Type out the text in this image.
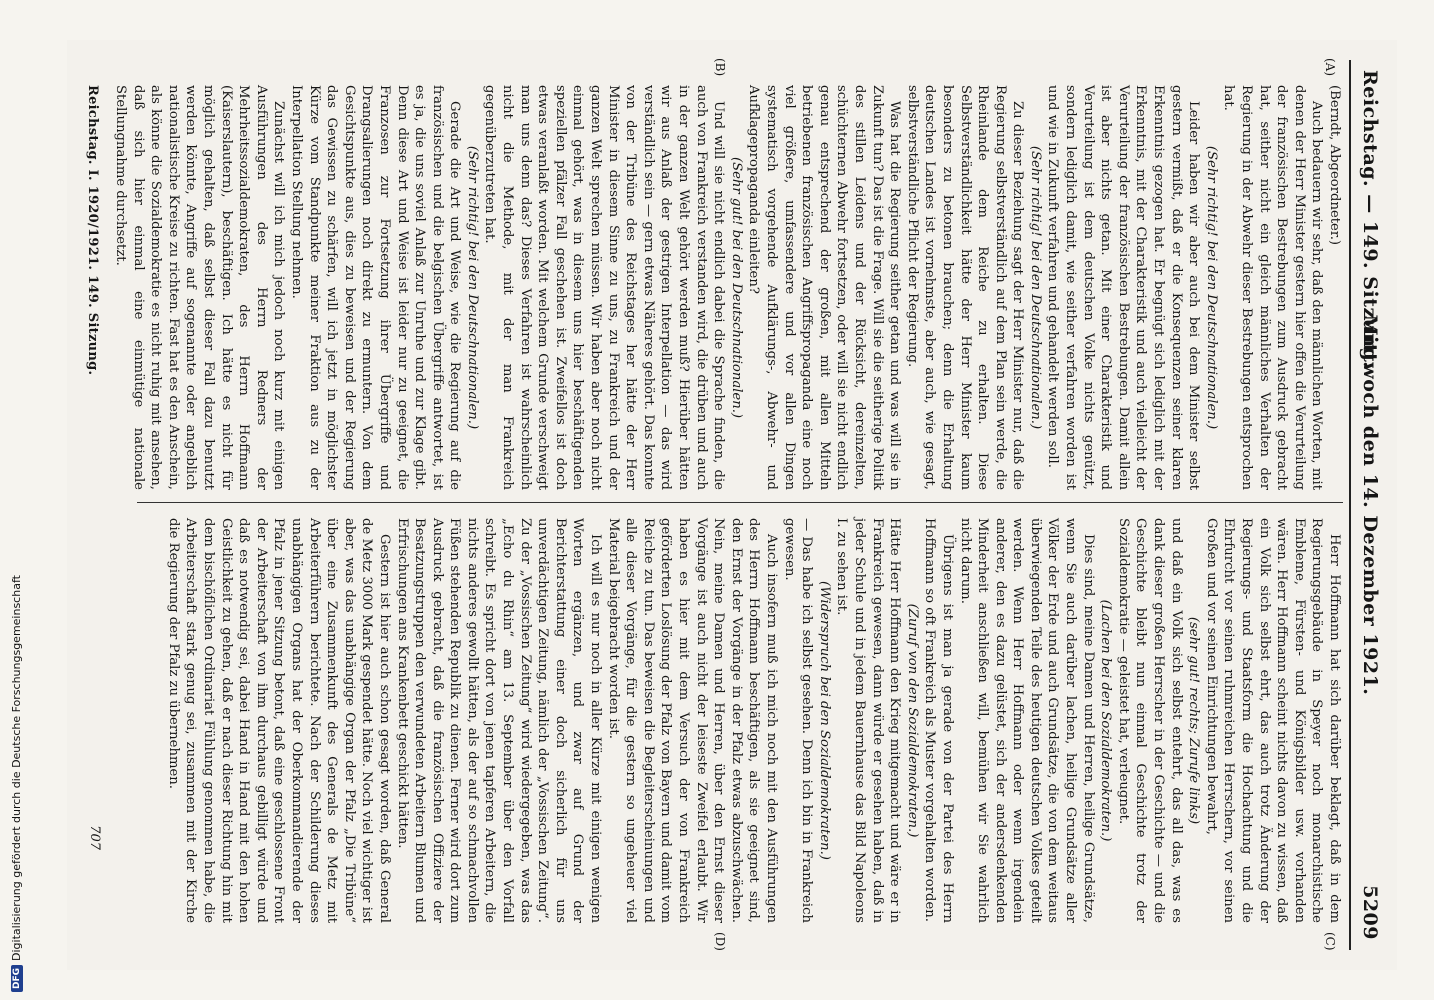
Reichstag. — 149. Sitzung.
Mittwoch den 14. Dezember 1921.
5209
(A)
(B)
(C)
(D)

(Berndt, Abgeordneter.)

Auch bedauern wir sehr, daß den männlichen Worten, mit denen der Herr Minister gestern hier offen die Verurteilung der französischen Bestrebungen zum Ausdruck gebracht hat, seither nicht ein gleich männliches Verhalten der Regierung in der Abwehr dieser Bestrebungen entsprochen hat.

(Sehr richtig! bei den Deutschnationalen.)

Leider haben wir aber auch bei dem Minister selbst gestern vermißt, daß er die Konsequenzen seiner klaren Erkenntnis gezogen hat. Er begnügt sich lediglich mit der Erkenntnis, mit der Charakteristik und auch vielleicht der Verurteilung der französischen Bestrebungen. Damit allein ist aber nichts getan. Mit einer Charakteristik und Verurteilung ist dem deutschen Volke nichts genützt, sondern lediglich damit, wie seither verfahren worden ist und wie in Zukunft verfahren und gehandelt werden soll.

(Sehr richtig! bei den Deutschnationalen.)

Zu dieser Beziehung sagt der Herr Minister nur, daß die Regierung selbstverständlich auf dem Plan sein werde, die Rheinlande dem Reiche zu erhalten. Diese Selbstverständlichkeit hätte der Herr Minister kaum besonders zu betonen brauchen; denn die Erhaltung deutschen Landes ist vornehmste, aber auch, wie gesagt, selbstverständliche Pflicht der Regierung.

Was hat die Regierung seither getan und was will sie in Zukunft tun? Das ist die Frage. Will sie die seitherige Politik des stillen Leidens und der Rücksicht, dereinzelten, schüchternen Abwehr fortsetzen, oder will sie nicht endlich genau entsprechend der großen, mit allen Mitteln betriebenen französischen Angriffspropaganda eine noch viel größere, umfassendere und vor allen Dingen systematisch vorgehende Aufklärungs-, Abwehr- und Aufklagepropaganda einleiten?

(Sehr gut! bei den Deutschnationalen.)

Und will sie nicht endlich dabei die Sprache finden, die auch von Frankreich verstanden wird, die drüben und auch in der ganzen Welt gehört werden muß? Hierüber hätten wir aus Anlaß der gestrigen Interpellation — das wird verständlich sein — gern etwas Näheres gehört. Das konnte von der Tribüne des Reichstages her hätte der Herr Minister in diesem Sinne zu uns, zu Frankreich und der ganzen Welt sprechen müssen. Wir haben aber noch nicht einmal gehört, was in diesem uns hier beschäftigenden speziellen pfälzer Fall geschehen ist. Zweifellos ist doch etwas veranlaßt worden. Mit welchem Grunde verschweigt man uns denn das? Dieses Verfahren ist wahrscheinlich nicht die Methode, mit der man Frankreich gegenüberzutreten hat.

(Sehr richtig! bei den Deutschnationalen.)

Gerade die Art und Weise, wie die Regierung auf die französischen und die belgischen Übergriffe antwortet, ist es ja, die uns soviel Anlaß zur Unruhe und zur Klage gibt. Denn diese Art und Weise ist leider nur zu geeignet, die Franzosen zur Fortsetzung ihrer Übergriffe und Drangsalierungen noch direkt zu ermuntern. Von dem Gesichtspunkte aus, dies zu beweisen und der Regierung das Gewissen zu schärfen, will ich jetzt in möglichster Kürze vom Standpunkte meiner Fraktion aus zu der Interpellation Stellung nehmen.

Zunächst will ich mich jedoch noch kurz mit einigen Ausführungen des Herrn Redners der Mehrheitssozialdemokraten, des Herrn Hoffmann (Kaiserslautern), beschäftigen. Ich hätte es nicht für möglich gehalten, daß selbst dieser Fall dazu benutzt werden könnte, Angriffe auf sogenannte oder angeblich nationalistische Kreise zu richten. Fast hat es den Anschein, als könne die Sozialdemokratie es nicht ruhig mit ansehen, daß sich hier einmal eine einmütige nationale Stellungnahme durchsetzt.

Herr Hoffmann hat sich darüber beklagt, daß in dem Regierungsgebäude in Speyer noch monarchistische Embleme, Fürsten- und Königsbilder usw. vorhanden wären. Herr Hoffmann scheint nichts davon zu wissen, daß ein Volk sich selbst ehrt, das auch trotz Änderung der Regierungs- und Staatsform die Hochachtung und die Ehrfurcht vor seinen ruhmreichen Herrschern, vor seinen Großen und vor seinen Einrichtungen bewahrt,

(sehr gut! rechts; Zurufe links)

und daß ein Volk sich selbst entehrt, das all das, was es dank dieser großen Herrscher in der Geschichte — und die Geschichte bleibt nun einmal Geschichte trotz der Sozialdemokratie — geleistet hat, verleugnet.

(Lachen bei den Sozialdemokraten.)

Dies sind, meine Damen und Herren, heilige Grundsätze, wenn Sie auch darüber lachen, heilige Grundsätze aller Völker der Erde und auch Grundsätze, die von dem weitaus überwiegenden Teile des heutigen deutschen Volkes geteilt werden. Wenn Herr Hoffmann oder wenn irgendein anderer, den es dazu gelüstet, sich der andersdenkenden Minderheit anschließen will, bemühen wir Sie wahrlich nicht darum.

Übrigens ist man ja gerade von der Partei des Herrn Hoffmann so oft Frankreich als Muster vorgehalten worden.

(Zuruf von den Sozialdemokraten.)

Hätte Herr Hoffmann den Krieg mitgemacht und wäre er in Frankreich gewesen, dann würde er gesehen haben, daß in jeder Schule und in jedem Bauernhause das Bild Napoleons I. zu sehen ist.

(Widerspruch bei den Sozialdemokraten.)

— Das habe ich selbst gesehen. Denn ich bin in Frankreich gewesen.

Auch insofern muß ich mich noch mit den Ausführungen des Herrn Hoffmann beschäftigen, als sie geeignet sind, den Ernst der Vorgänge in der Pfalz etwas abzuschwächen. Nein, meine Damen und Herren, über den Ernst dieser Vorgänge ist auch nicht der leiseste Zweifel erlaubt. Wir haben es hier mit dem Versuch der von Frankreich geförderten Loslösung der Pfalz von Bayern und damit vom Reiche zu tun. Das beweisen die Begleiterscheinungen und alle dieser Vorgänge, für die gestern so ungeheuer viel Material beigebracht worden ist.

Ich will es nur noch in aller Kürze mit einigen wenigen Worten ergänzen, und zwar auf Grund der Berichterstattung einer doch sicherlich für uns unverdächtigen Zeitung, nämlich der „Vossischen Zeitung“. Zu der „Vossischen Zeitung“ wird wiedergegeben, was das „Echo du Rhin“ am 13. September über den Vorfall schreibt. Es spricht dort von jenen tapferen Arbeitern, die nichts anderes gewollt hätten, als der auf so schmachvollen Füßen stehenden Republik zu dienen. Ferner wird dort zum Ausdruck gebracht, daß die französischen Offiziere der Besatzungstruppen den verwundeten Arbeitern Blumen und Erfrischungen ans Krankenbett geschickt hätten.

Gestern ist hier auch schon gesagt worden, daß General de Metz 3000 Mark gespendet hätte. Noch viel wichtiger ist aber, was das unabhängige Organ der Pfalz „Die Tribüne“ über eine Zusammenkunft des Generals de Metz mit Arbeiterführern berichtete. Nach der Schilderung dieses unabhängigen Organs hat der Oberkommandierende der Pfalz in jener Sitzung betont, daß eine geschlossene Front der Arbeiterschaft von ihm durchaus gebilligt würde und daß es notwendig sei, dabei Hand in Hand mit den hohen Geistlichkeit zu gehen, daß er nach dieser Richtung hin mit dem bischöflichen Ordinariat Fühlung genommen habe, die Arbeiterschaft stark genug sei, zusammen mit der Kirche die Regierung der Pfalz zu übernehmen.

Reichstag. I. 1920/1921. 149. Sitzung.
707
DFG
Digitalisierung gefördert durch die Deutsche Forschungsgemeinschaft
